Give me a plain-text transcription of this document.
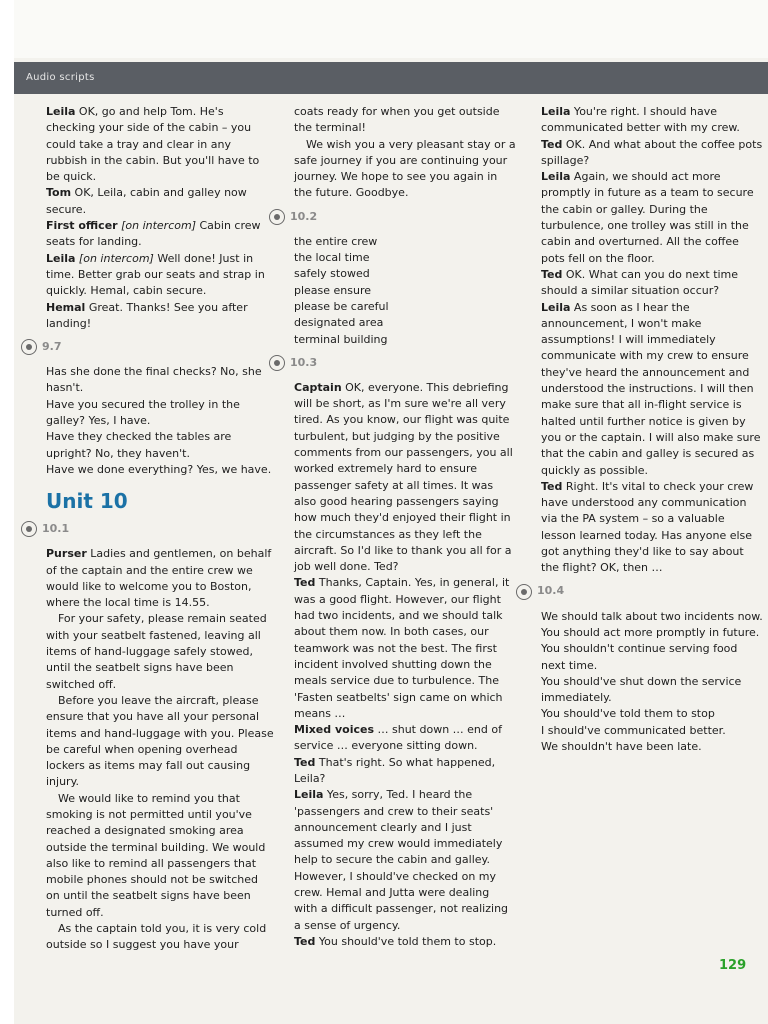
Audio scripts

Leila OK, go and help Tom. He's checking your side of the cabin – you could take a tray and clear in any rubbish in the cabin. But you'll have to be quick.

Tom OK, Leila, cabin and galley now secure.

First officer [on intercom] Cabin crew seats for landing.

Leila [on intercom] Well done! Just in time. Better grab our seats and strap in quickly. Hemal, cabin secure.

Hemal Great. Thanks! See you after landing!

9.7

Has she done the final checks? No, she hasn't.

Have you secured the trolley in the galley? Yes, I have.

Have they checked the tables are upright? No, they haven't.

Have we done everything? Yes, we have.

Unit 10
10.1

Purser Ladies and gentlemen, on behalf of the captain and the entire crew we would like to welcome you to Boston, where the local time is 14.55.

For your safety, please remain seated with your seatbelt fastened, leaving all items of hand-luggage safely stowed, until the seatbelt signs have been switched off.

Before you leave the aircraft, please ensure that you have all your personal items and hand-luggage with you. Please be careful when opening overhead lockers as items may fall out causing injury.

We would like to remind you that smoking is not permitted until you've reached a designated smoking area outside the terminal building. We would also like to remind all passengers that mobile phones should not be switched on until the seatbelt signs have been turned off.

As the captain told you, it is very cold outside so I suggest you have your

coats ready for when you get outside the terminal!

We wish you a very pleasant stay or a safe journey if you are continuing your journey. We hope to see you again in the future. Goodbye.

10.2

the entire crew

the local time

safely stowed

please ensure

please be careful

designated area

terminal building

10.3

Captain OK, everyone. This debriefing will be short, as I'm sure we're all very tired. As you know, our flight was quite turbulent, but judging by the positive comments from our passengers, you all worked extremely hard to ensure passenger safety at all times. It was also good hearing passengers saying how much they'd enjoyed their flight in the circumstances as they left the aircraft. So I'd like to thank you all for a job well done. Ted?

Ted Thanks, Captain. Yes, in general, it was a good flight. However, our flight had two incidents, and we should talk about them now. In both cases, our teamwork was not the best. The first incident involved shutting down the meals service due to turbulence. The 'Fasten seatbelts' sign came on which means …

Mixed voices … shut down … end of service … everyone sitting down.

Ted That's right. So what happened, Leila?

Leila Yes, sorry, Ted. I heard the 'passengers and crew to their seats' announcement clearly and I just assumed my crew would immediately help to secure the cabin and galley. However, I should've checked on my crew. Hemal and Jutta were dealing with a difficult passenger, not realizing a sense of urgency.

Ted You should've told them to stop.

Leila You're right. I should have communicated better with my crew.

Ted OK. And what about the coffee pots spillage?

Leila Again, we should act more promptly in future as a team to secure the cabin or galley. During the turbulence, one trolley was still in the cabin and overturned. All the coffee pots fell on the floor.

Ted OK. What can you do next time should a similar situation occur?

Leila As soon as I hear the announcement, I won't make assumptions! I will immediately communicate with my crew to ensure they've heard the announcement and understood the instructions. I will then make sure that all in-flight service is halted until further notice is given by you or the captain. I will also make sure that the cabin and galley is secured as quickly as possible.

Ted Right. It's vital to check your crew have understood any communication via the PA system – so a valuable lesson learned today. Has anyone else got anything they'd like to say about the flight? OK, then …

10.4

We should talk about two incidents now.

You should act more promptly in future.

You shouldn't continue serving food next time.

You should've shut down the service immediately.

You should've told them to stop

I should've communicated better.

We shouldn't have been late.

129
